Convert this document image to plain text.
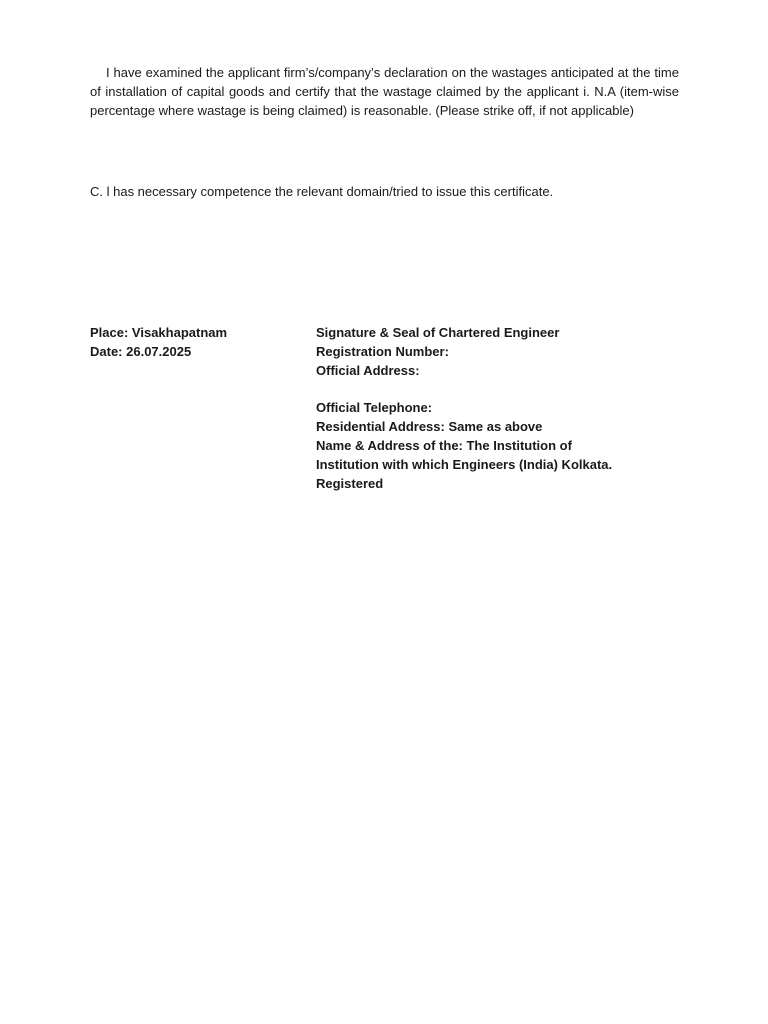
I have examined the applicant firm’s/company’s declaration on the wastages anticipated at the time of installation of capital goods and certify that the wastage claimed by the applicant i. N.A (item-wise percentage where wastage is being claimed) is reasonable. (Please strike off, if not applicable)

C. l has necessary competence the relevant domain/tried to issue this certificate.

Place: Visakhapatnam
Date: 26.07.2025
Signature & Seal of Chartered Engineer
Registration Number:
Official Address:
Official Telephone:
Residential Address: Same as above
Name & Address of the: The Institution of
Institution with which Engineers (India) Kolkata.
Registered
